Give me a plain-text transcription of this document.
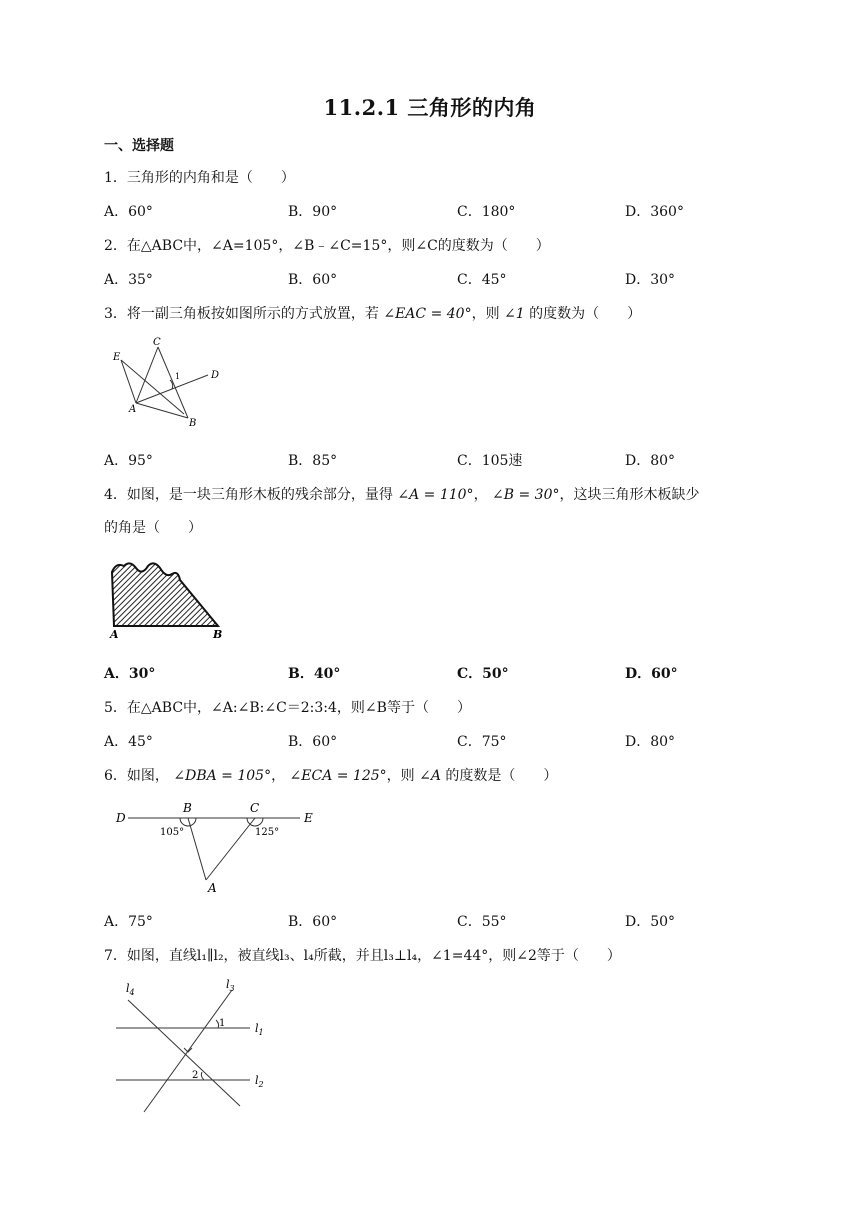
11.2.1 三角形的内角
一、选择题
1．三角形的内角和是（　　）
A．60°	B．90°	C．180°	D．360°
2．在△ABC中，∠A=105°，∠B﹣∠C=15°，则∠C的度数为（　　）
A．35°	B．60°	C．45°	D．30°
3．将一副三角板按如图所示的方式放置，若 ∠EAC = 40°，则 ∠1 的度数为（　　）
E
C
1	D
A
B
A．95°	B．85°	C．105速	D．80°
4．如图，是一块三角形木板的残余部分，量得 ∠A = 110°， ∠B = 30°，这块三角形木板缺少
的角是（　　）
A	B
A．30°	B．40°	C．50°	D．60°
5．在△ABC中，∠A:∠B:∠C＝2:3:4，则∠B等于（　　）
A．45°	B．60°	C．75°	D．80°
6．如图， ∠DBA = 105°， ∠ECA = 125°，则 ∠A 的度数是（　　）
D
B	C
E
105°	125°
A
A．75°	B．60°	C．55°	D．50°
7．如图，直线l₁∥l₂，被直线l₃、l₄所截，并且l₃⊥l₄，∠1=44°，则∠2等于（　　）
$l_4$
$l_3$
1	$l_1$
2	$l_2$
